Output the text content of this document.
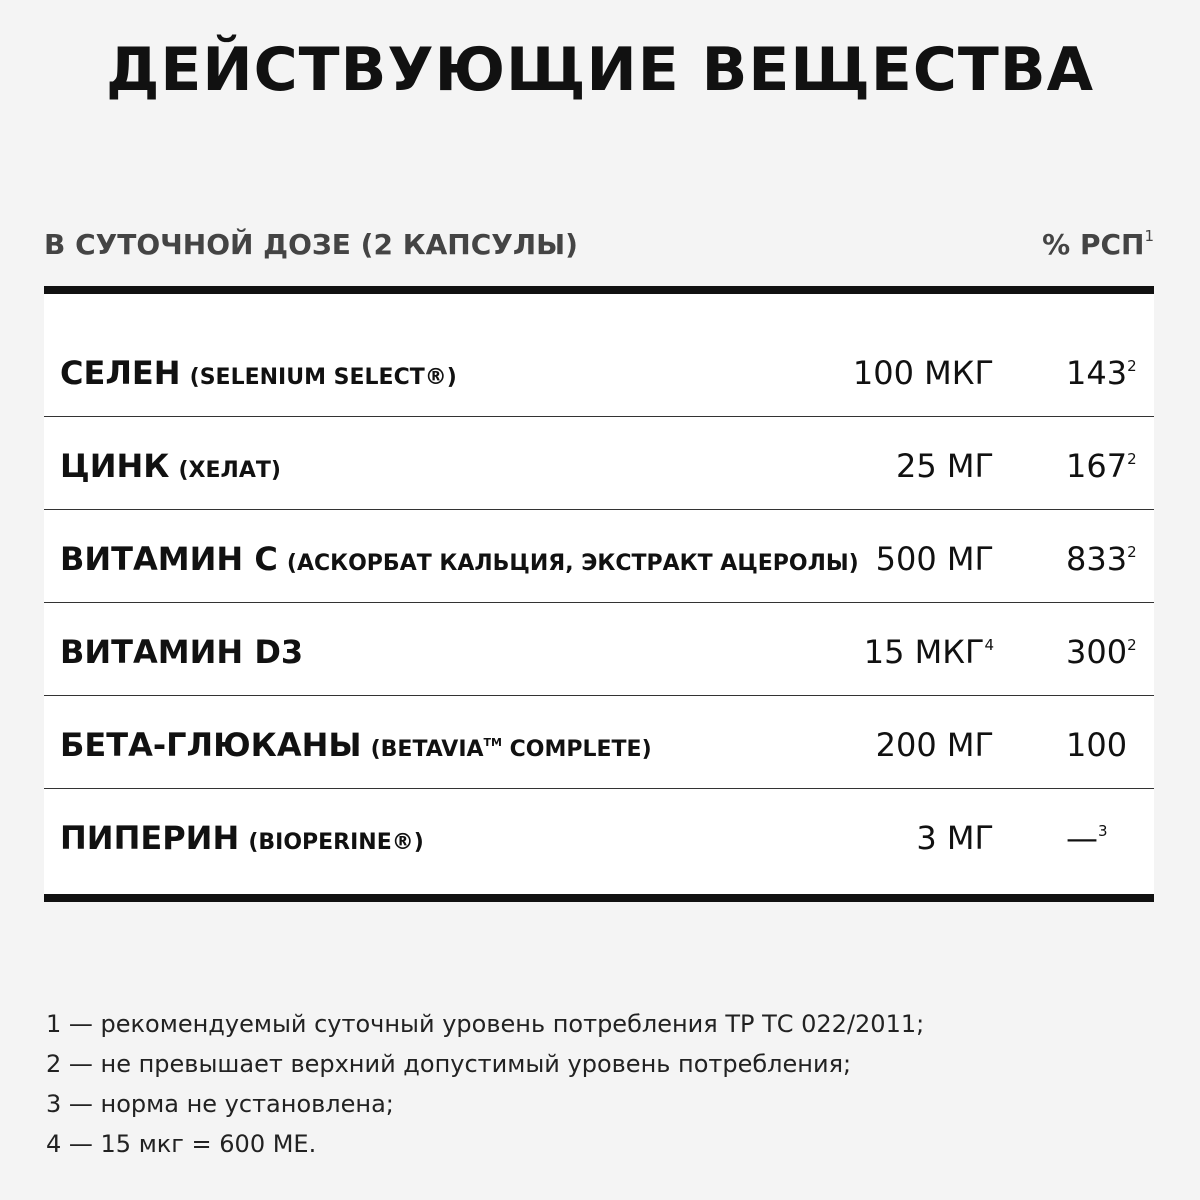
ДЕЙСТВУЮЩИЕ ВЕЩЕСТВА
В СУТОЧНОЙ ДОЗЕ (2 КАПСУЛЫ)	% РСП$^1$
СЕЛЕН (SELENIUM SELECT®)	100 МКГ $143^2$
ЦИНК (ХЕЛАТ)	25 МГ $167^2$
ВИТАМИН С (АСКОРБАТ КАЛЬЦИЯ, ЭКСТРАКТ АЦЕРОЛЫ) 500 МГ $833^2$
ВИТАМИН D3	15 МКГ$^4$ $300^2$
БЕТА-ГЛЮКАНЫ (BETAVIA™ COMPLETE)	200 МГ 100
ПИПЕРИН (BIOPERINE®)	3 МГ —$^3$
1 — рекомендуемый суточный уровень потребления ТР ТС 022/2011;
2 — не превышает верхний допустимый уровень потребления;
3 — норма не установлена;
4 — 15 мкг = 600 МЕ.
